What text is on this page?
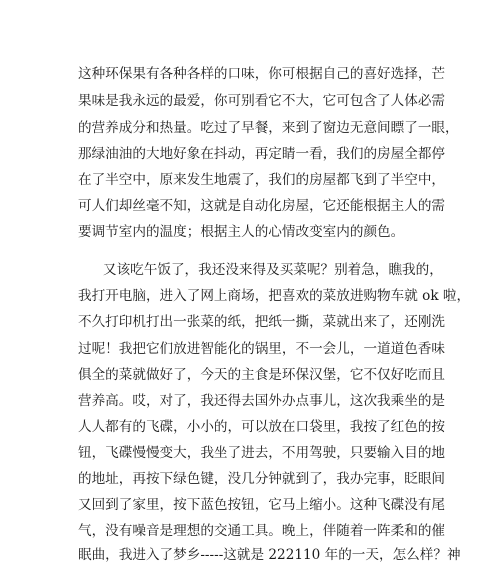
这种环保果有各种各样的口味，你可根据自己的喜好选择，芒
果味是我永远的最爱，你可别看它不大，它可包含了人体必需
的营养成分和热量。吃过了早餐，来到了窗边无意间瞟了一眼，
那绿油油的大地好象在抖动，再定睛一看，我们的房屋全都停
在了半空中，原来发生地震了，我们的房屋都飞到了半空中，
可人们却丝毫不知，这就是自动化房屋，它还能根据主人的需
要调节室内的温度；根据主人的心情改变室内的颜色。
又该吃午饭了，我还没来得及买菜呢？别着急，瞧我的，
我打开电脑，进入了网上商场，把喜欢的菜放进购物车就 ok 啦，
不久打印机打出一张菜的纸，把纸一撕，菜就出来了，还刚洗
过呢！我把它们放进智能化的锅里，不一会儿，一道道色香味
俱全的菜就做好了，今天的主食是环保汉堡，它不仅好吃而且
营养高。哎，对了，我还得去国外办点事儿，这次我乘坐的是
人人都有的飞碟，小小的，可以放在口袋里，我按了红色的按
钮，飞碟慢慢变大，我坐了进去，不用驾驶，只要输入目的地
的地址，再按下绿色键，没几分钟就到了，我办完事，眨眼间
又回到了家里，按下蓝色按钮，它马上缩小。这种飞碟没有尾
气，没有噪音是理想的交通工具。晚上，伴随着一阵柔和的催
眠曲，我进入了梦乡-----这就是 222110 年的一天，怎么样？神
